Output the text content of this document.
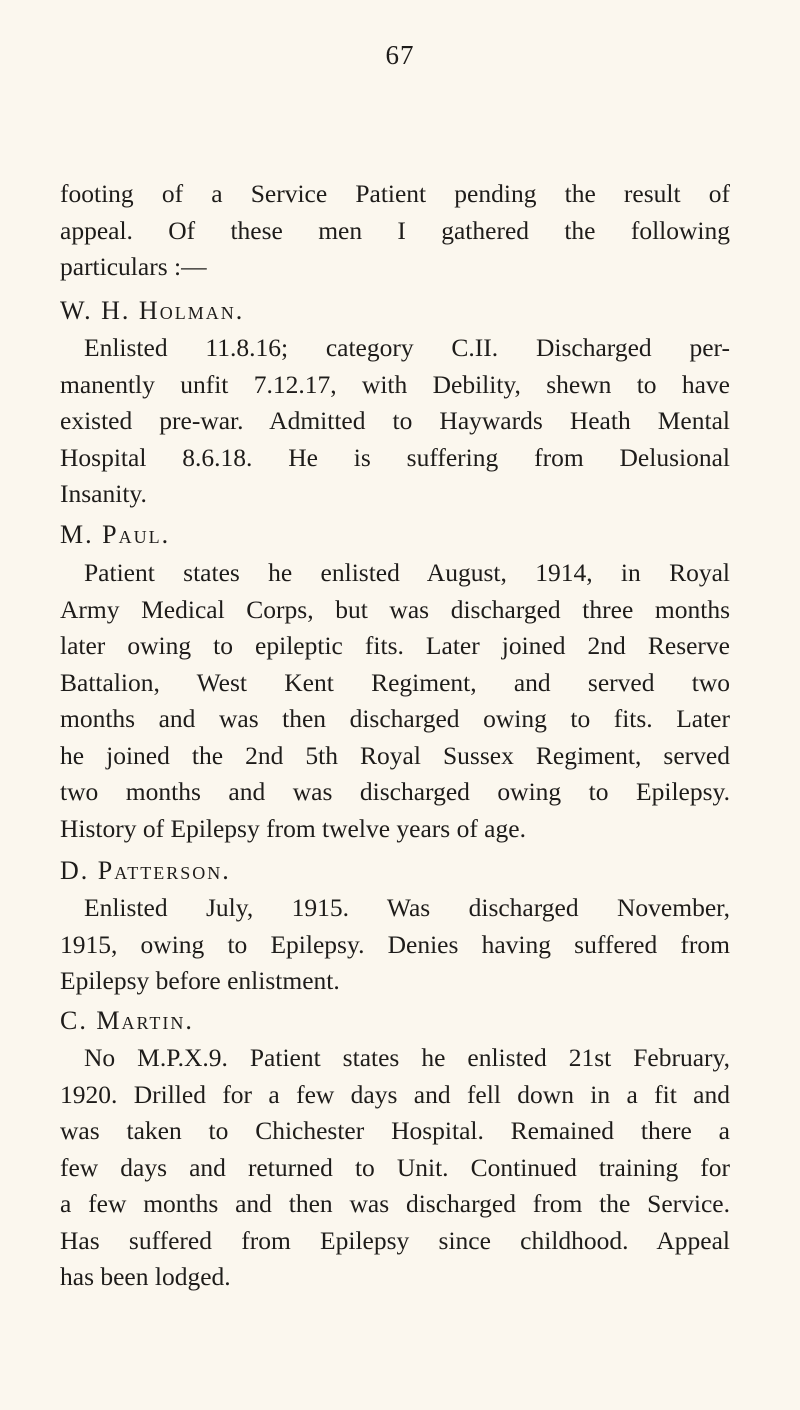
67
footing of a Service Patient pending the result of
appeal. Of these men I gathered the following
particulars :—
W. H. Holman.
Enlisted 11.8.16; category C.II. Discharged per-
manently unfit 7.12.17, with Debility, shewn to have
existed pre-war. Admitted to Haywards Heath Mental
Hospital 8.6.18. He is suffering from Delusional
Insanity.
M. Paul.
Patient states he enlisted August, 1914, in Royal
Army Medical Corps, but was discharged three months
later owing to epileptic fits. Later joined 2nd Reserve
Battalion, West Kent Regiment, and served two
months and was then discharged owing to fits. Later
he joined the 2nd 5th Royal Sussex Regiment, served
two months and was discharged owing to Epilepsy.
History of Epilepsy from twelve years of age.
D. Patterson.
Enlisted July, 1915. Was discharged November,
1915, owing to Epilepsy. Denies having suffered from
Epilepsy before enlistment.
C. Martin.
No M.P.X.9. Patient states he enlisted 21st February,
1920. Drilled for a few days and fell down in a fit and
was taken to Chichester Hospital. Remained there a
few days and returned to Unit. Continued training for
a few months and then was discharged from the Service.
Has suffered from Epilepsy since childhood. Appeal
has been lodged.
